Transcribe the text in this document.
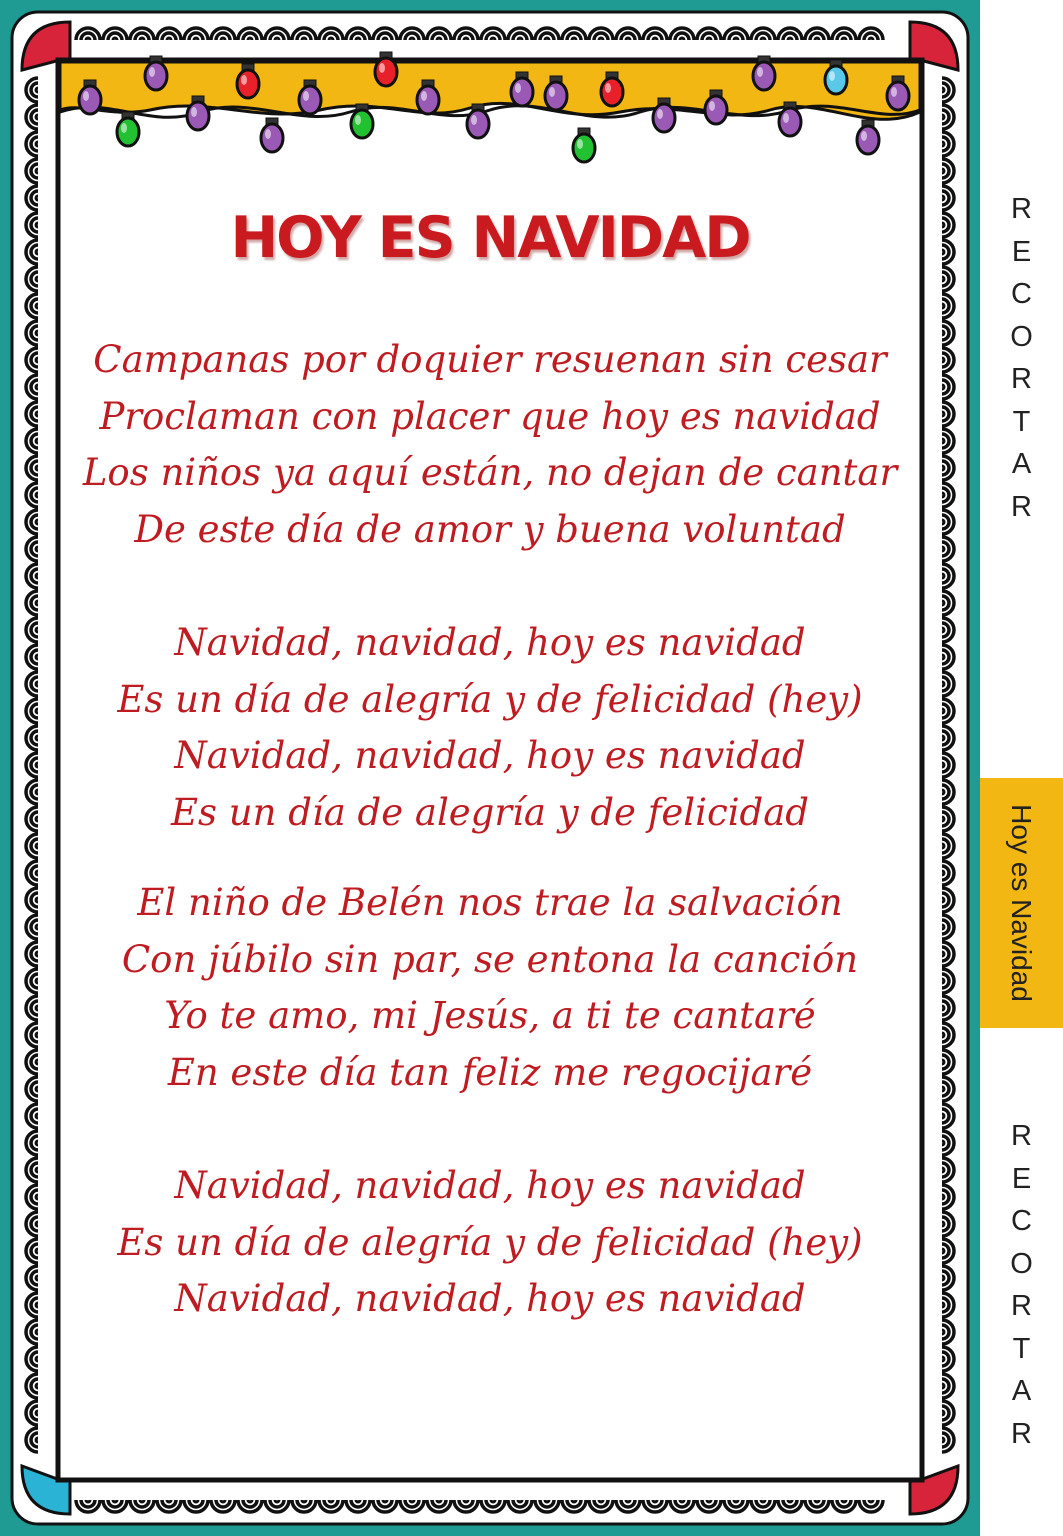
HOY ES NAVIDAD
Campanas por doquier resuenan sin cesar
Proclaman con placer que hoy es navidad
Los niños ya aquí están, no dejan de cantar
De este día de amor y buena voluntad
Navidad, navidad, hoy es navidad
Es un día de alegría y de felicidad (hey)
Navidad, navidad, hoy es navidad
Es un día de alegría y de felicidad
El niño de Belén nos trae la salvación
Con júbilo sin par, se entona la canción
Yo te amo, mi Jesús, a ti te cantaré
En este día tan feliz me regocijaré
Navidad, navidad, hoy es navidad
Es un día de alegría y de felicidad (hey)
Navidad, navidad, hoy es navidad
R
E
C
O
R
T
A
R
R
E
C
O
R
T
A
R
Hoy es Navidad
